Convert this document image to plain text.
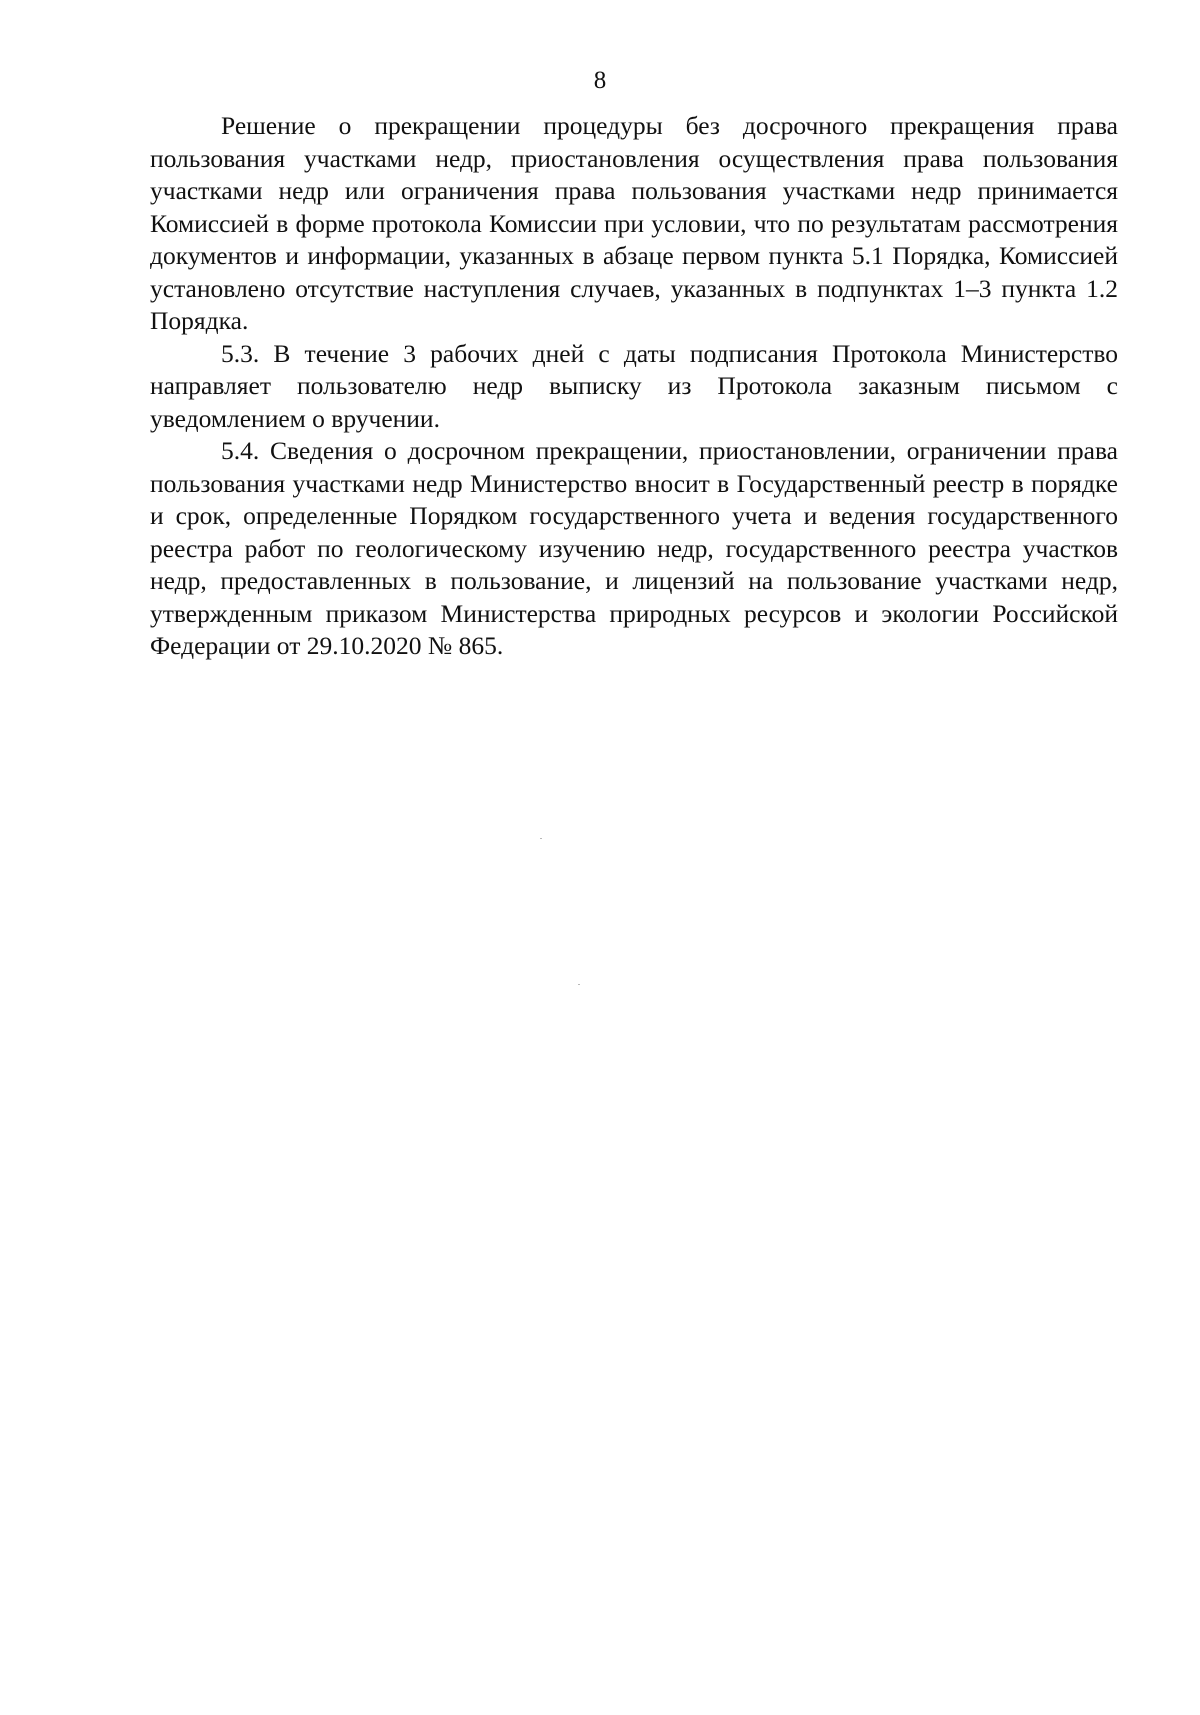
8

Решение о прекращении процедуры без досрочного прекращения права пользования участками недр, приостановления осуществления права пользования участками недр или ограничения права пользования участками недр принимается Комиссией в форме протокола Комиссии при условии, что по результатам рассмотрения документов и информации, указанных в абзаце первом пункта 5.1 Порядка, Комиссией установлено отсутствие наступления случаев, указанных в подпунктах 1–3 пункта 1.2 Порядка.

5.3. В течение 3 рабочих дней с даты подписания Протокола Министерство направляет пользователю недр выписку из Протокола заказным письмом с уведомлением о вручении.

5.4. Сведения о досрочном прекращении, приостановлении, ограничении права пользования участками недр Министерство вносит в Государственный реестр в порядке и срок, определенные Порядком государственного учета и ведения государственного реестра работ по геологическому изучению недр, государственного реестра участков недр, предоставленных в пользование, и лицензий на пользование участками недр, утвержденным приказом Министерства природных ресурсов и экологии Российской Федерации от 29.10.2020 № 865.
